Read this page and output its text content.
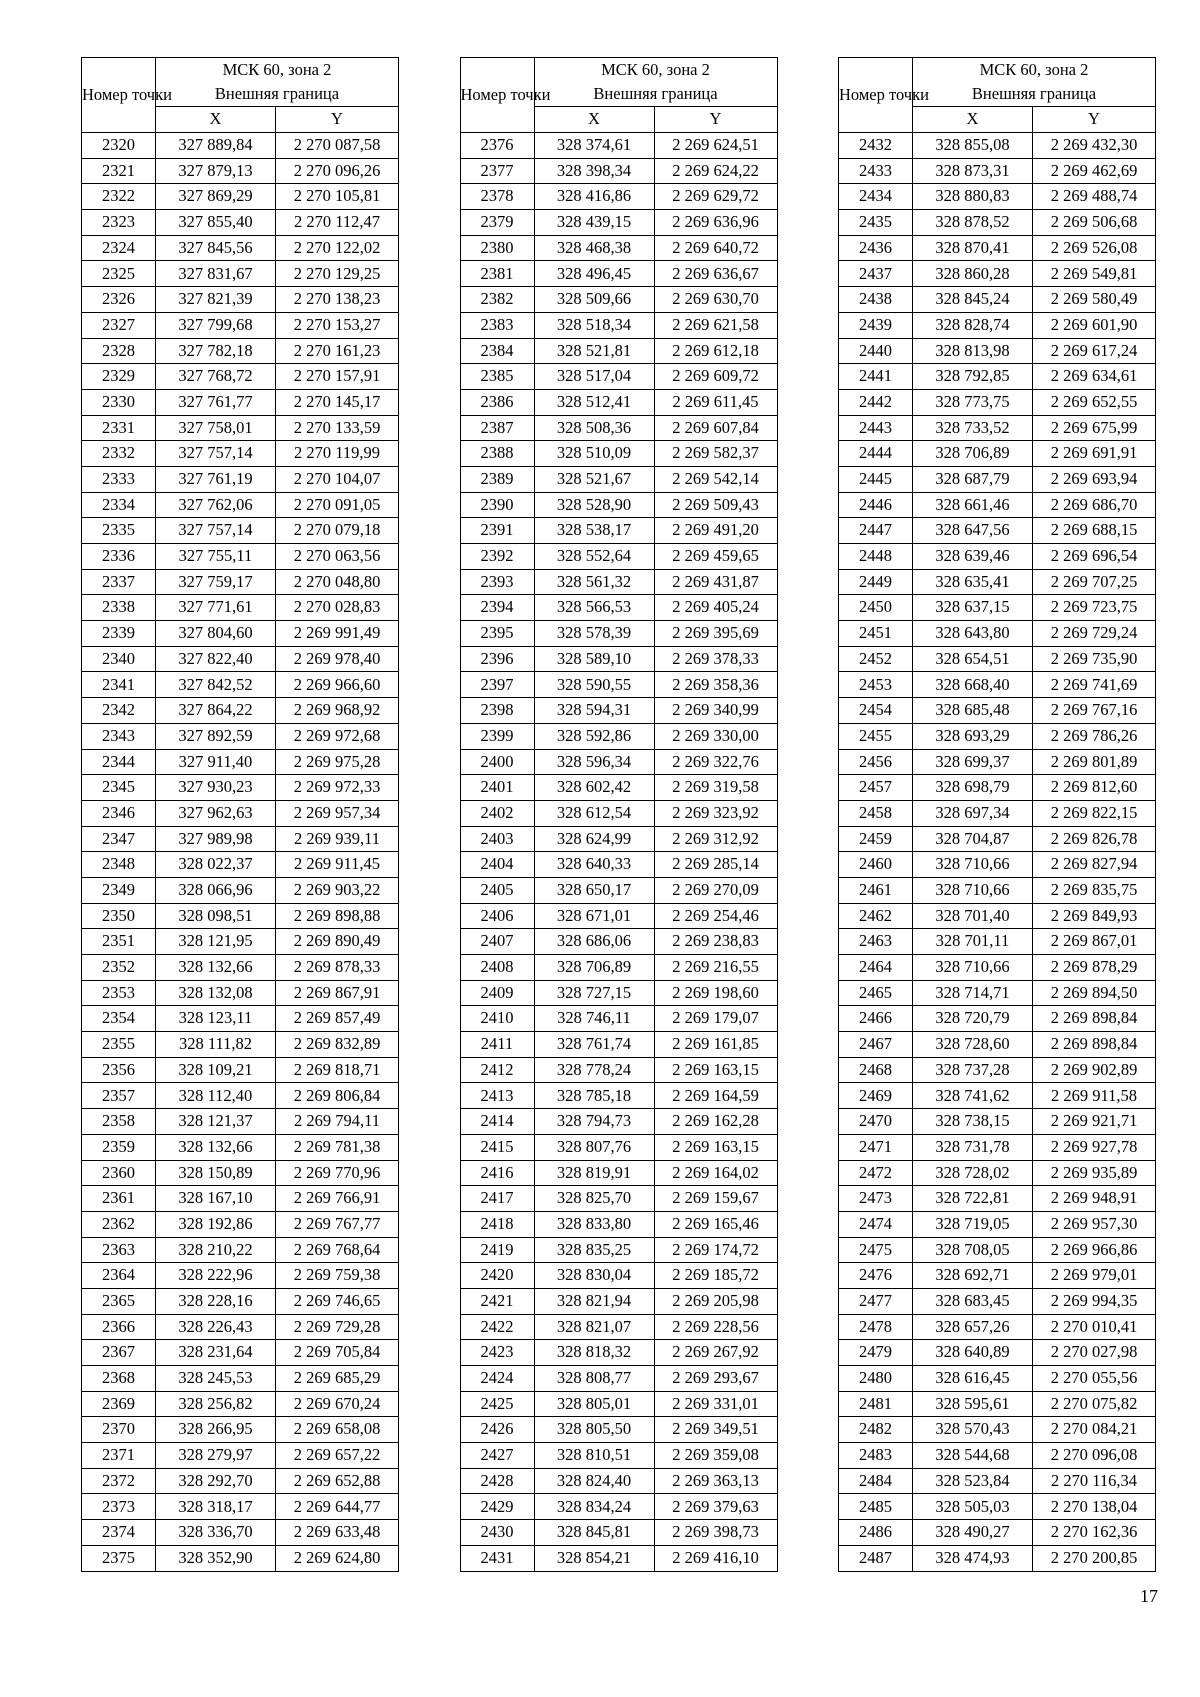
Номер точки	МСК 60, зона 2
Внешняя граница	
	X	Y
2320	327 889,84	2 270 087,58
2321	327 879,13	2 270 096,26
2322	327 869,29	2 270 105,81
2323	327 855,40	2 270 112,47
2324	327 845,56	2 270 122,02
2325	327 831,67	2 270 129,25
2326	327 821,39	2 270 138,23
2327	327 799,68	2 270 153,27
2328	327 782,18	2 270 161,23
2329	327 768,72	2 270 157,91
2330	327 761,77	2 270 145,17
2331	327 758,01	2 270 133,59
2332	327 757,14	2 270 119,99
2333	327 761,19	2 270 104,07
2334	327 762,06	2 270 091,05
2335	327 757,14	2 270 079,18
2336	327 755,11	2 270 063,56
2337	327 759,17	2 270 048,80
2338	327 771,61	2 270 028,83
2339	327 804,60	2 269 991,49
2340	327 822,40	2 269 978,40
2341	327 842,52	2 269 966,60
2342	327 864,22	2 269 968,92
2343	327 892,59	2 269 972,68
2344	327 911,40	2 269 975,28
2345	327 930,23	2 269 972,33
2346	327 962,63	2 269 957,34
2347	327 989,98	2 269 939,11
2348	328 022,37	2 269 911,45
2349	328 066,96	2 269 903,22
2350	328 098,51	2 269 898,88
2351	328 121,95	2 269 890,49
2352	328 132,66	2 269 878,33
2353	328 132,08	2 269 867,91
2354	328 123,11	2 269 857,49
2355	328 111,82	2 269 832,89
2356	328 109,21	2 269 818,71
2357	328 112,40	2 269 806,84
2358	328 121,37	2 269 794,11
2359	328 132,66	2 269 781,38
2360	328 150,89	2 269 770,96
2361	328 167,10	2 269 766,91
2362	328 192,86	2 269 767,77
2363	328 210,22	2 269 768,64
2364	328 222,96	2 269 759,38
2365	328 228,16	2 269 746,65
2366	328 226,43	2 269 729,28
2367	328 231,64	2 269 705,84
2368	328 245,53	2 269 685,29
2369	328 256,82	2 269 670,24
2370	328 266,95	2 269 658,08
2371	328 279,97	2 269 657,22
2372	328 292,70	2 269 652,88
2373	328 318,17	2 269 644,77
2374	328 336,70	2 269 633,48
2375	328 352,90	2 269 624,80
Номер точки	МСК 60, зона 2
Внешняя граница	
	X	Y
2376	328 374,61	2 269 624,51
2377	328 398,34	2 269 624,22
2378	328 416,86	2 269 629,72
2379	328 439,15	2 269 636,96
2380	328 468,38	2 269 640,72
2381	328 496,45	2 269 636,67
2382	328 509,66	2 269 630,70
2383	328 518,34	2 269 621,58
2384	328 521,81	2 269 612,18
2385	328 517,04	2 269 609,72
2386	328 512,41	2 269 611,45
2387	328 508,36	2 269 607,84
2388	328 510,09	2 269 582,37
2389	328 521,67	2 269 542,14
2390	328 528,90	2 269 509,43
2391	328 538,17	2 269 491,20
2392	328 552,64	2 269 459,65
2393	328 561,32	2 269 431,87
2394	328 566,53	2 269 405,24
2395	328 578,39	2 269 395,69
2396	328 589,10	2 269 378,33
2397	328 590,55	2 269 358,36
2398	328 594,31	2 269 340,99
2399	328 592,86	2 269 330,00
2400	328 596,34	2 269 322,76
2401	328 602,42	2 269 319,58
2402	328 612,54	2 269 323,92
2403	328 624,99	2 269 312,92
2404	328 640,33	2 269 285,14
2405	328 650,17	2 269 270,09
2406	328 671,01	2 269 254,46
2407	328 686,06	2 269 238,83
2408	328 706,89	2 269 216,55
2409	328 727,15	2 269 198,60
2410	328 746,11	2 269 179,07
2411	328 761,74	2 269 161,85
2412	328 778,24	2 269 163,15
2413	328 785,18	2 269 164,59
2414	328 794,73	2 269 162,28
2415	328 807,76	2 269 163,15
2416	328 819,91	2 269 164,02
2417	328 825,70	2 269 159,67
2418	328 833,80	2 269 165,46
2419	328 835,25	2 269 174,72
2420	328 830,04	2 269 185,72
2421	328 821,94	2 269 205,98
2422	328 821,07	2 269 228,56
2423	328 818,32	2 269 267,92
2424	328 808,77	2 269 293,67
2425	328 805,01	2 269 331,01
2426	328 805,50	2 269 349,51
2427	328 810,51	2 269 359,08
2428	328 824,40	2 269 363,13
2429	328 834,24	2 269 379,63
2430	328 845,81	2 269 398,73
2431	328 854,21	2 269 416,10
Номер точки	МСК 60, зона 2
Внешняя граница	
	X	Y
2432	328 855,08	2 269 432,30
2433	328 873,31	2 269 462,69
2434	328 880,83	2 269 488,74
2435	328 878,52	2 269 506,68
2436	328 870,41	2 269 526,08
2437	328 860,28	2 269 549,81
2438	328 845,24	2 269 580,49
2439	328 828,74	2 269 601,90
2440	328 813,98	2 269 617,24
2441	328 792,85	2 269 634,61
2442	328 773,75	2 269 652,55
2443	328 733,52	2 269 675,99
2444	328 706,89	2 269 691,91
2445	328 687,79	2 269 693,94
2446	328 661,46	2 269 686,70
2447	328 647,56	2 269 688,15
2448	328 639,46	2 269 696,54
2449	328 635,41	2 269 707,25
2450	328 637,15	2 269 723,75
2451	328 643,80	2 269 729,24
2452	328 654,51	2 269 735,90
2453	328 668,40	2 269 741,69
2454	328 685,48	2 269 767,16
2455	328 693,29	2 269 786,26
2456	328 699,37	2 269 801,89
2457	328 698,79	2 269 812,60
2458	328 697,34	2 269 822,15
2459	328 704,87	2 269 826,78
2460	328 710,66	2 269 827,94
2461	328 710,66	2 269 835,75
2462	328 701,40	2 269 849,93
2463	328 701,11	2 269 867,01
2464	328 710,66	2 269 878,29
2465	328 714,71	2 269 894,50
2466	328 720,79	2 269 898,84
2467	328 728,60	2 269 898,84
2468	328 737,28	2 269 902,89
2469	328 741,62	2 269 911,58
2470	328 738,15	2 269 921,71
2471	328 731,78	2 269 927,78
2472	328 728,02	2 269 935,89
2473	328 722,81	2 269 948,91
2474	328 719,05	2 269 957,30
2475	328 708,05	2 269 966,86
2476	328 692,71	2 269 979,01
2477	328 683,45	2 269 994,35
2478	328 657,26	2 270 010,41
2479	328 640,89	2 270 027,98
2480	328 616,45	2 270 055,56
2481	328 595,61	2 270 075,82
2482	328 570,43	2 270 084,21
2483	328 544,68	2 270 096,08
2484	328 523,84	2 270 116,34
2485	328 505,03	2 270 138,04
2486	328 490,27	2 270 162,36
2487	328 474,93	2 270 200,85
17
